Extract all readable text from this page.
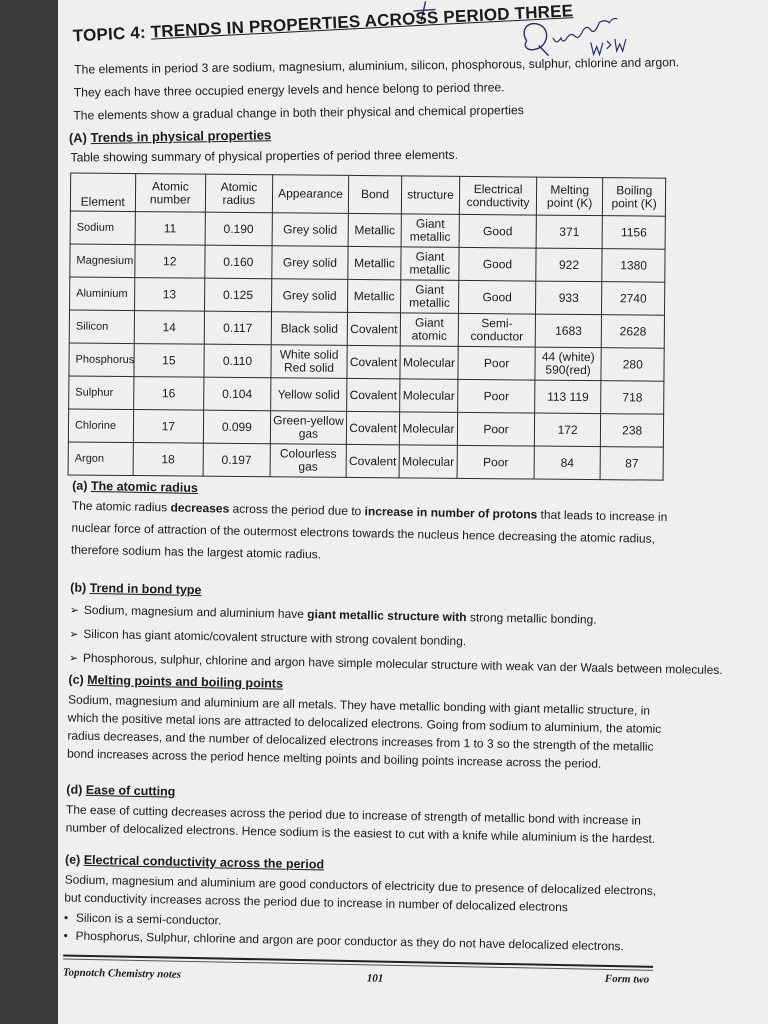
TOPIC 4: TRENDS IN PROPERTIES ACROSS PERIOD THREE
The elements in period 3 are sodium, magnesium, aluminium, silicon, phosphorous, sulphur, chlorine and argon.
They each have three occupied energy levels and hence belong to period three.
The elements show a gradual change in both their physical and chemical properties
(A) Trends in physical properties
Table showing summary of physical properties of period three elements.
Element	Atomic number	Atomic radius	Appearance	Bond	structure	Electrical conductivity	Melting point (K)	Boiling point (K)
Sodium	11	0.190	Grey solid	Metallic	Giant metallic	Good	371	1156
Magnesium	12	0.160	Grey solid	Metallic	Giant metallic	Good	922	1380
Aluminium	13	0.125	Grey solid	Metallic	Giant metallic	Good	933	2740
Silicon	14	0.117	Black solid	Covalent	Giant atomic	Semi-conductor	1683	2628
Phosphorus	15	0.110	White solid Red solid	Covalent	Molecular	Poor	44 (white) 590(red)	280
Sulphur	16	0.104	Yellow solid	Covalent	Molecular	Poor	113 119	718
Chlorine	17	0.099	Green-yellow gas	Covalent	Molecular	Poor	172	238
Argon	18	0.197	Colourless gas	Covalent	Molecular	Poor	84	87
(a) The atomic radius
The atomic radius decreases across the period due to increase in number of protons that leads to increase in nuclear force of attraction of the outermost electrons towards the nucleus hence decreasing the atomic radius, therefore sodium has the largest atomic radius.
(b) Trend in bond type
➢ Sodium, magnesium and aluminium have giant metallic structure with strong metallic bonding.
➢ Silicon has giant atomic/covalent structure with strong covalent bonding.
➢ Phosphorous, sulphur, chlorine and argon have simple molecular structure with weak van der Waals between molecules.
(c) Melting points and boiling points
Sodium, magnesium and aluminium are all metals. They have metallic bonding with giant metallic structure, in which the positive metal ions are attracted to delocalized electrons. Going from sodium to aluminium, the atomic radius decreases, and the number of delocalized electrons increases from 1 to 3 so the strength of the metallic bond increases across the period hence melting points and boiling points increase across the period.
(d) Ease of cutting
The ease of cutting decreases across the period due to increase of strength of metallic bond with increase in number of delocalized electrons. Hence sodium is the easiest to cut with a knife while aluminium is the hardest.
(e) Electrical conductivity across the period
Sodium, magnesium and aluminium are good conductors of electricity due to presence of delocalized electrons, but conductivity increases across the period due to increase in number of delocalized electrons
• Silicon is a semi-conductor.
• Phosphorus, Sulphur, chlorine and argon are poor conductor as they do not have delocalized electrons.
Topnotch Chemistry notes	101	Form two
